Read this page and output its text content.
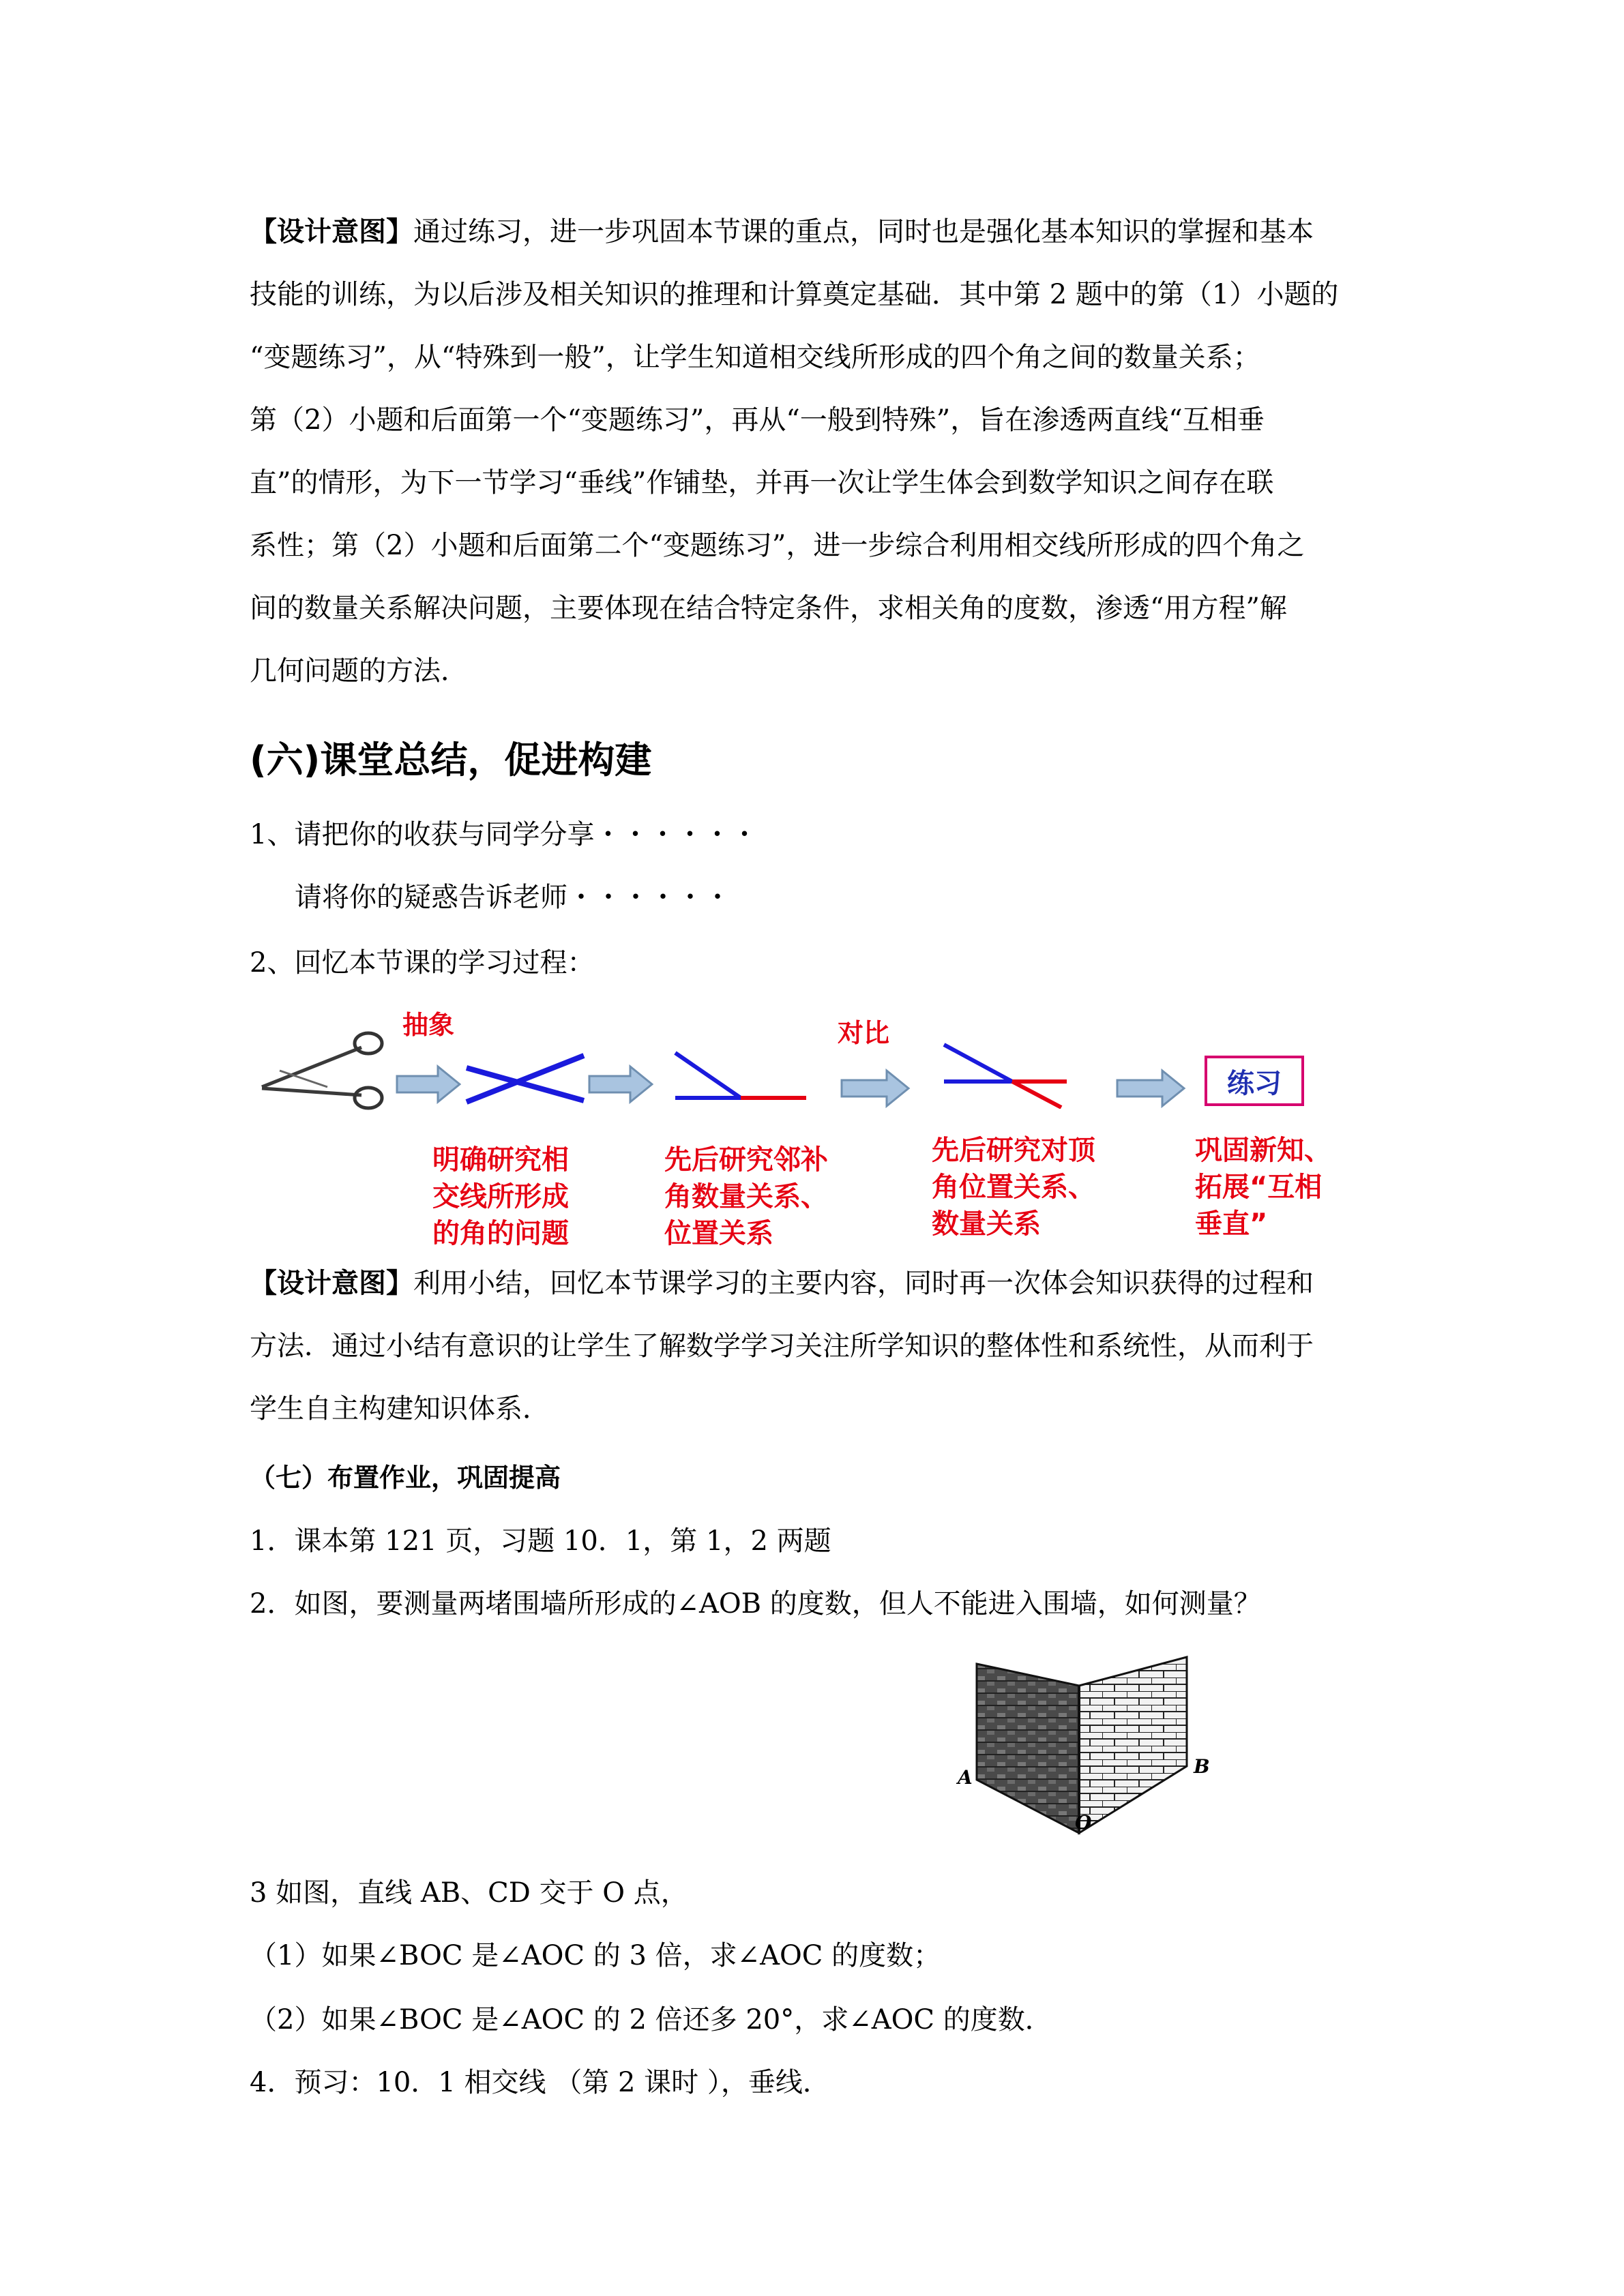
【设计意图】通过练习，进一步巩固本节课的重点，同时也是强化基本知识的掌握和基本
技能的训练，为以后涉及相关知识的推理和计算奠定基础．其中第 2 题中的第（1）小题的
“变题练习”，从“特殊到一般”，让学生知道相交线所形成的四个角之间的数量关系；
第（2）小题和后面第一个“变题练习”，再从“一般到特殊”，旨在渗透两直线“互相垂
直”的情形，为下一节学习“垂线”作铺垫，并再一次让学生体会到数学知识之间存在联
系性；第（2）小题和后面第二个“变题练习”，进一步综合利用相交线所形成的四个角之
间的数量关系解决问题，主要体现在结合特定条件，求相关角的度数，渗透“用方程”解
几何问题的方法．
(六)课堂总结，促进构建
1、请把你的收获与同学分享・・・・・・
请将你的疑惑告诉老师・・・・・・
2、回忆本节课的学习过程：
抽象	对比
练习
明确研究相
交线所形成
的角的问题
先后研究邻补
角数量关系、
位置关系
先后研究对顶
角位置关系、
数量关系
巩固新知、
拓展“互相
垂直”
【设计意图】利用小结，回忆本节课学习的主要内容，同时再一次体会知识获得的过程和
方法．通过小结有意识的让学生了解数学学习关注所学知识的整体性和系统性，从而利于
学生自主构建知识体系．
（七）布置作业，巩固提高
1．课本第 121 页，习题 10．1，第 1，2 两题
2．如图，要测量两堵围墙所形成的∠AOB 的度数，但人不能进入围墙，如何测量？
A	B
O
3 如图，直线 AB、CD 交于 O 点，
（1）如果∠BOC 是∠AOC 的 3 倍，求∠AOC 的度数；
（2）如果∠BOC 是∠AOC 的 2 倍还多 20°，求∠AOC 的度数．
4．预习：10．1 相交线 （第 2 课时 ），垂线．
